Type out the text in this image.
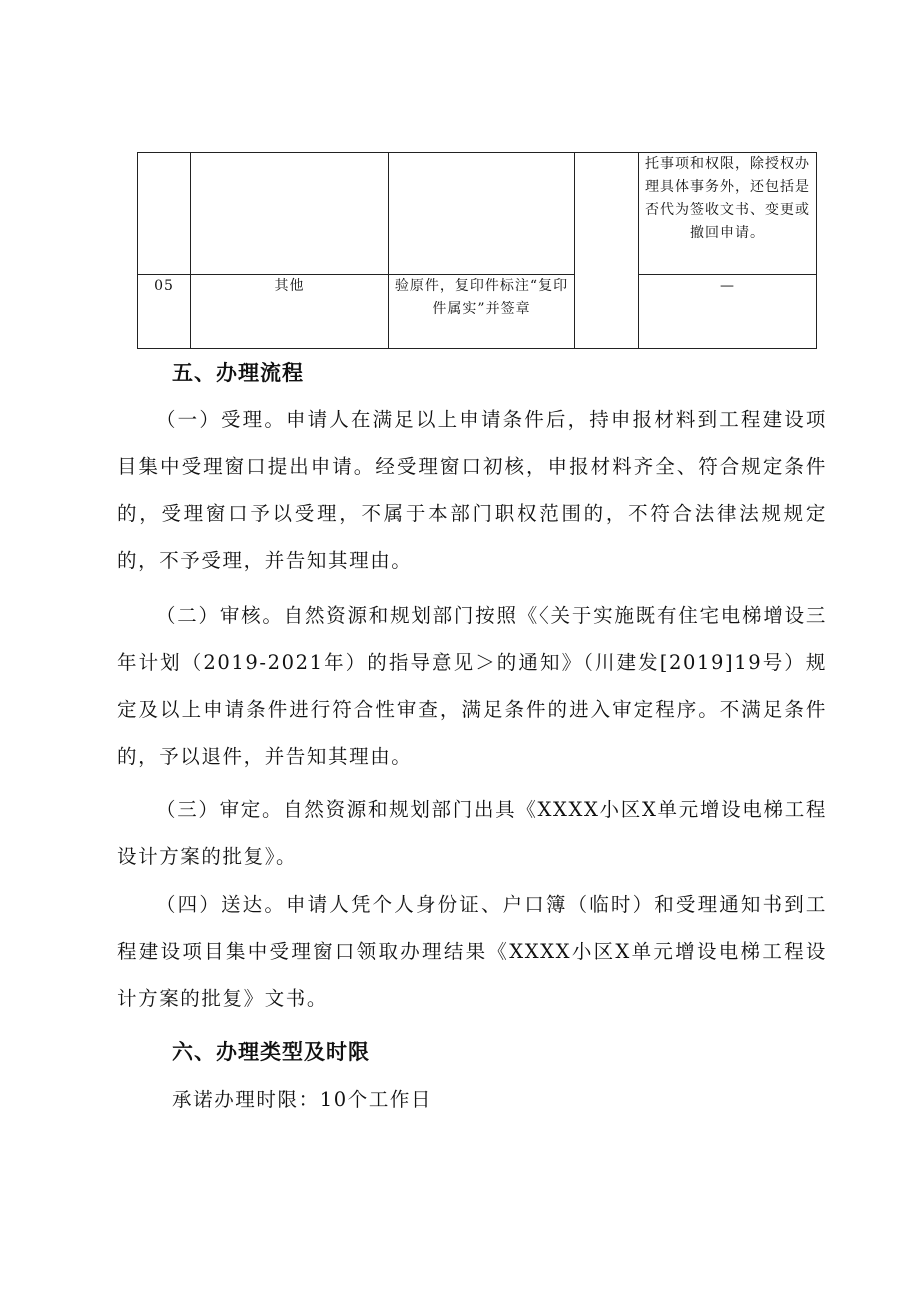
				托事项和权限，除授权办理具体事务外，还包括是否代为签收文书、变更或撤回申请。
05	其他	验原件，复印件标注“复印件属实”并签章		—
五、办理流程

（一）受理。申请人在满足以上申请条件后，持申报材料到工程建设项目集中受理窗口提出申请。经受理窗口初核，申报材料齐全、符合规定条件的，受理窗口予以受理，不属于本部门职权范围的，不符合法律法规规定的，不予受理，并告知其理由。

（二）审核。自然资源和规划部门按照《〈关于实施既有住宅电梯增设三年计划（2019-2021年）的指导意见＞的通知》（川建发[2019]19号）规定及以上申请条件进行符合性审查，满足条件的进入审定程序。不满足条件的，予以退件，并告知其理由。

（三）审定。自然资源和规划部门出具《XXXX小区X单元增设电梯工程设计方案的批复》。

（四）送达。申请人凭个人身份证、户口簿（临时）和受理通知书到工程建设项目集中受理窗口领取办理结果《XXXX小区X单元增设电梯工程设计方案的批复》文书。

六、办理类型及时限

承诺办理时限：10个工作日
